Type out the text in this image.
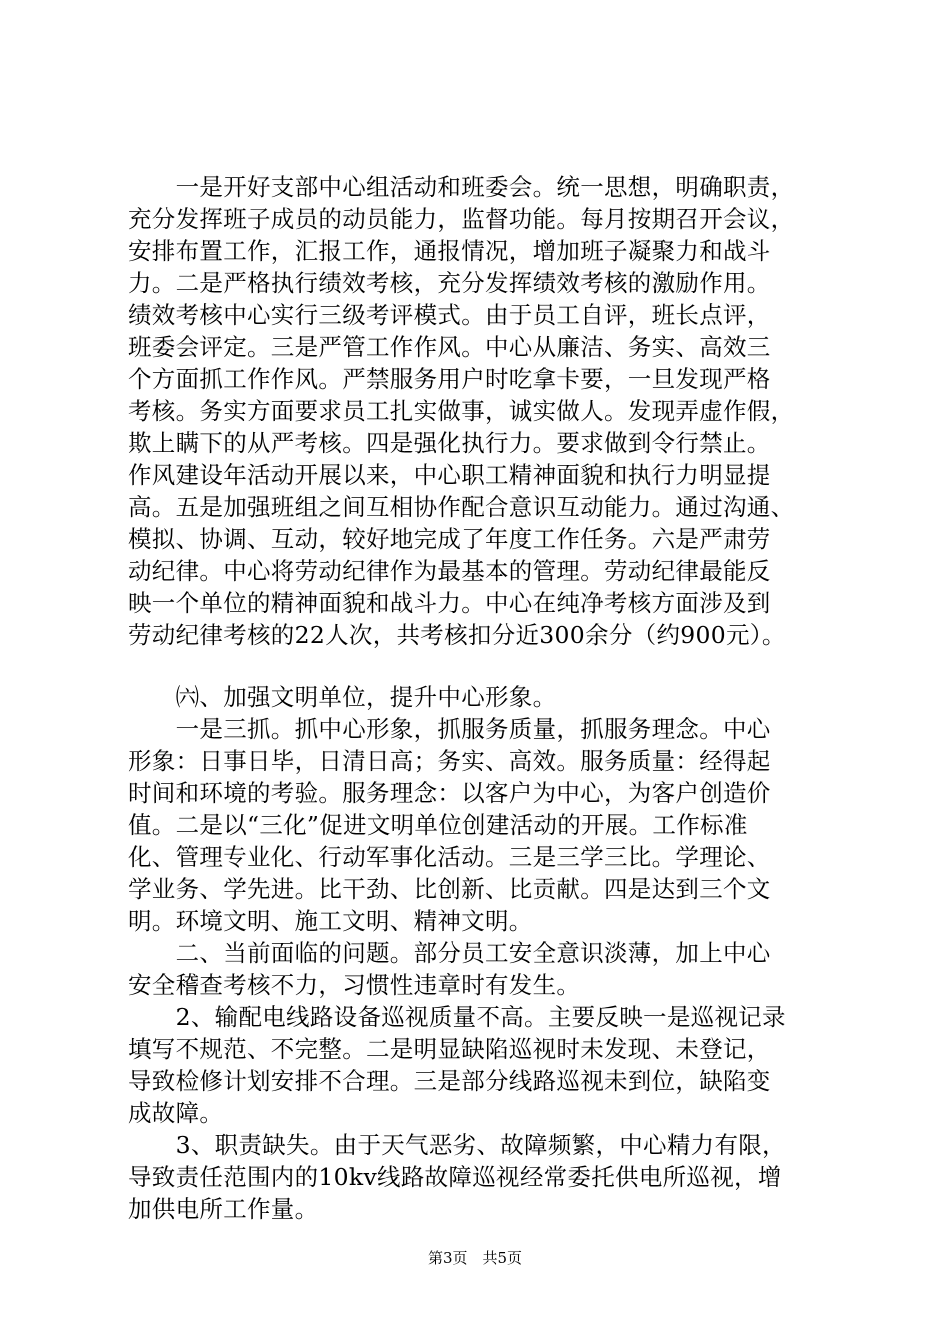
　　一是开好支部中心组活动和班委会。统一思想，明确职责，
充分发挥班子成员的动员能力，监督功能。每月按期召开会议，
安排布置工作，汇报工作，通报情况，增加班子凝聚力和战斗
力。二是严格执行绩效考核，充分发挥绩效考核的激励作用。
绩效考核中心实行三级考评模式。由于员工自评，班长点评，
班委会评定。三是严管工作作风。中心从廉洁、务实、高效三
个方面抓工作作风。严禁服务用户时吃拿卡要，一旦发现严格
考核。务实方面要求员工扎实做事，诚实做人。发现弄虚作假，
欺上瞒下的从严考核。四是强化执行力。要求做到令行禁止。
作风建设年活动开展以来，中心职工精神面貌和执行力明显提
高。五是加强班组之间互相协作配合意识互动能力。通过沟通、
模拟、协调、互动，较好地完成了年度工作任务。六是严肃劳
动纪律。中心将劳动纪律作为最基本的管理。劳动纪律最能反
映一个单位的精神面貌和战斗力。中心在纯净考核方面涉及到
劳动纪律考核的22人次，共考核扣分近300余分（约900元）。
　　㈥、加强文明单位，提升中心形象。
　　一是三抓。抓中心形象，抓服务质量，抓服务理念。中心
形象：日事日毕，日清日高；务实、高效。服务质量：经得起
时间和环境的考验。服务理念：以客户为中心，为客户创造价
值。二是以“三化”促进文明单位创建活动的开展。工作标准
化、管理专业化、行动军事化活动。三是三学三比。学理论、
学业务、学先进。比干劲、比创新、比贡献。四是达到三个文
明。环境文明、施工文明、精神文明。
　　二、当前面临的问题。部分员工安全意识淡薄，加上中心
安全稽查考核不力，习惯性违章时有发生。
　　2、输配电线路设备巡视质量不高。主要反映一是巡视记录
填写不规范、不完整。二是明显缺陷巡视时未发现、未登记，
导致检修计划安排不合理。三是部分线路巡视未到位，缺陷变
成故障。
　　3、职责缺失。由于天气恶劣、故障频繁，中心精力有限，
导致责任范围内的10kv线路故障巡视经常委托供电所巡视，增
加供电所工作量。
第3页　共5页
